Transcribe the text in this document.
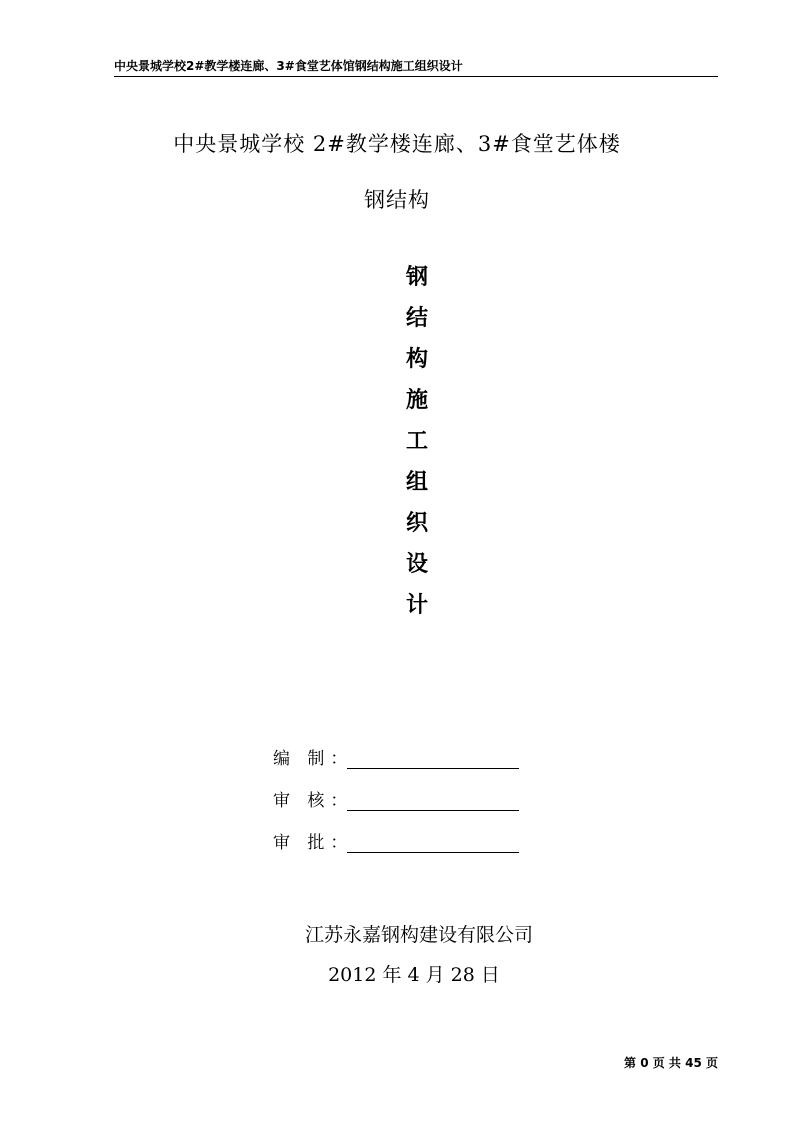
中央景城学校2#教学楼连廊、3#食堂艺体馆钢结构施工组织设计
中央景城学校 2#教学楼连廊、3#食堂艺体楼
钢结构
钢
结
构
施
工
组
织
设
计
编 制：
审 核：
审 批：
江苏永嘉钢构建设有限公司
2012 年 4 月 28 日
第 0 页 共 45 页
